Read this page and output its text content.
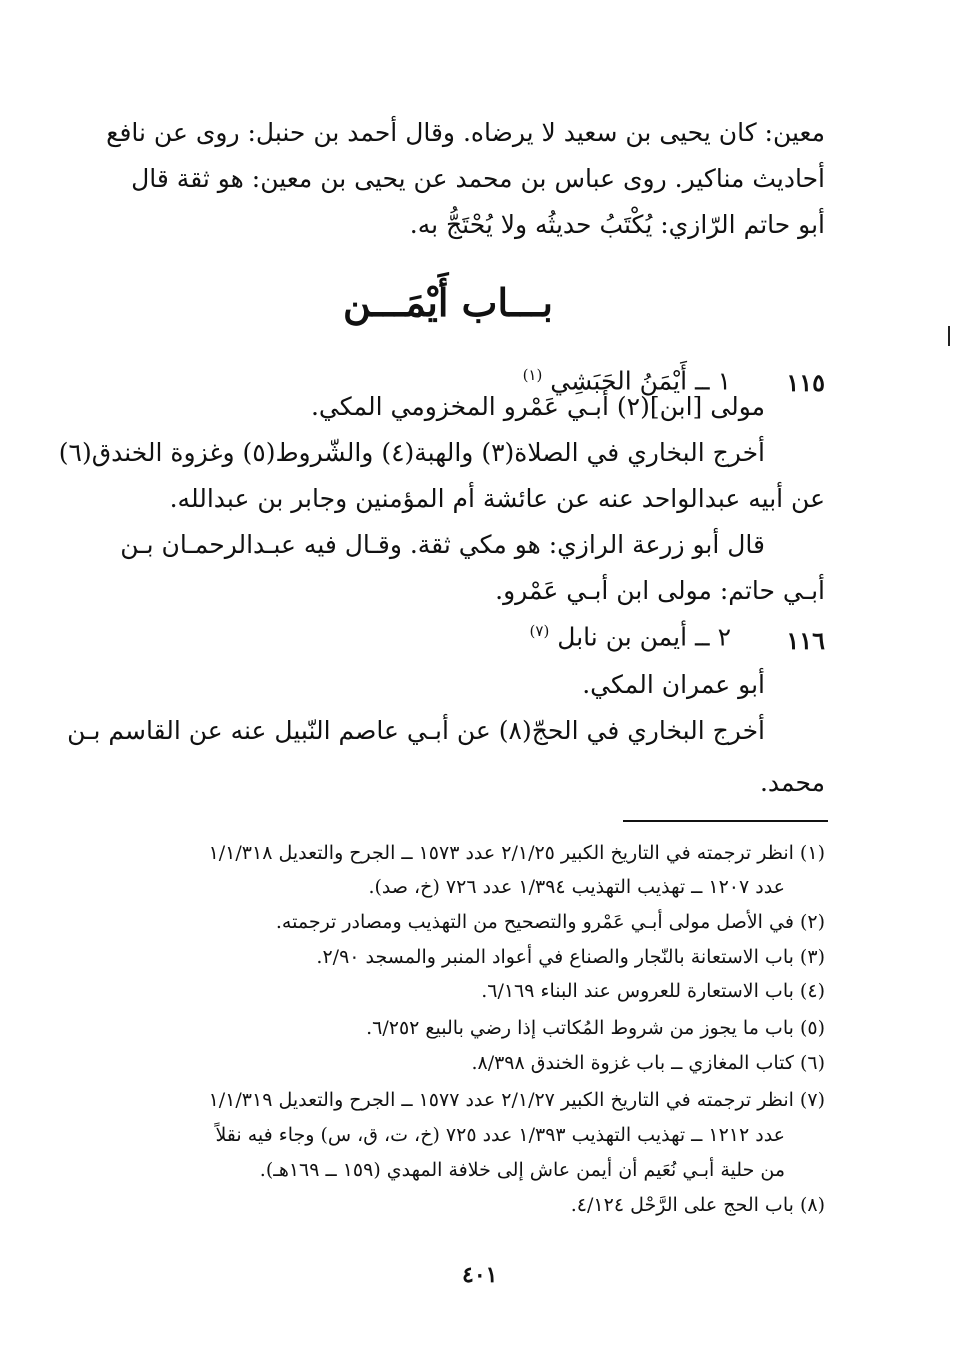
معين: كان يحيى بن سعيد لا يرضاه. وقال أحمد بن حنبل: روى عن نافع
أحاديث مناكير. روى عباس بن محمد عن يحيى بن معين: هو ثقة قال
أبو حاتم الرّازي: يُكْتَبُ حديثُه ولا يُحْتَجُّ به.
بـــاب أَيْمَـــن
١١٥
١ ــ أَيْمَنُ الحَبَشِي $^{(١)}$
مولى [ابن](٢) أبـي عَمْرو المخزومي المكي.
أخرج البخاري في الصلاة(٣) والهبة(٤) والشّروط(٥) وغزوة الخندق(٦)
عن أبيه عبدالواحد عنه عن عائشة أم المؤمنين وجابر بن عبدالله.
قال أبو زرعة الرازي: هو مكي ثقة. وقـال فيه عبـدالرحمـان بـن
أبـي حاتم: مولى ابن أبـي عَمْرو.
١١٦
٢ ــ أيمن بن نابل $^{(٧)}$
أبو عمران المكي.
أخرج البخاري في الحجّ(٨) عن أبـي عاصم النّبيل عنه عن القاسم بـن
محمد.
(١) انظر ترجمته في التاريخ الكبير ٢/١/٢٥ عدد ١٥٧٣ ــ الجرح والتعديل ١/١/٣١٨
عدد ١٢٠٧ ــ تهذيب التهذيب ١/٣٩٤ عدد ٧٢٦ (خ، صد).
(٢) في الأصل مولى أبـي عَمْرو والتصحيح من التهذيب ومصادر ترجمته.
(٣) باب الاستعانة بالنّجار والصناع في أعواد المنبر والمسجد ٢/٩٠.
(٤) باب الاستعارة للعروس عند البناء ٦/١٦٩.
(٥) باب ما يجوز من شروط المُكاتب إذا رضي بالبيع ٦/٢٥٢.
(٦) كتاب المغازي ــ باب غزوة الخندق ٨/٣٩٨.
(٧) انظر ترجمته في التاريخ الكبير ٢/١/٢٧ عدد ١٥٧٧ ــ الجرح والتعديل ١/١/٣١٩
عدد ١٢١٢ ــ تهذيب التهذيب ١/٣٩٣ عدد ٧٢٥ (خ، ت، ق، س) وجاء فيه نقلاً
من حلية أبـي نُعَيم أن أيمن عاش إلى خلافة المهدي (١٥٩ ــ ١٦٩هـ).
(٨) باب الحج على الرَّحْل ٤/١٢٤.
٤٠١
